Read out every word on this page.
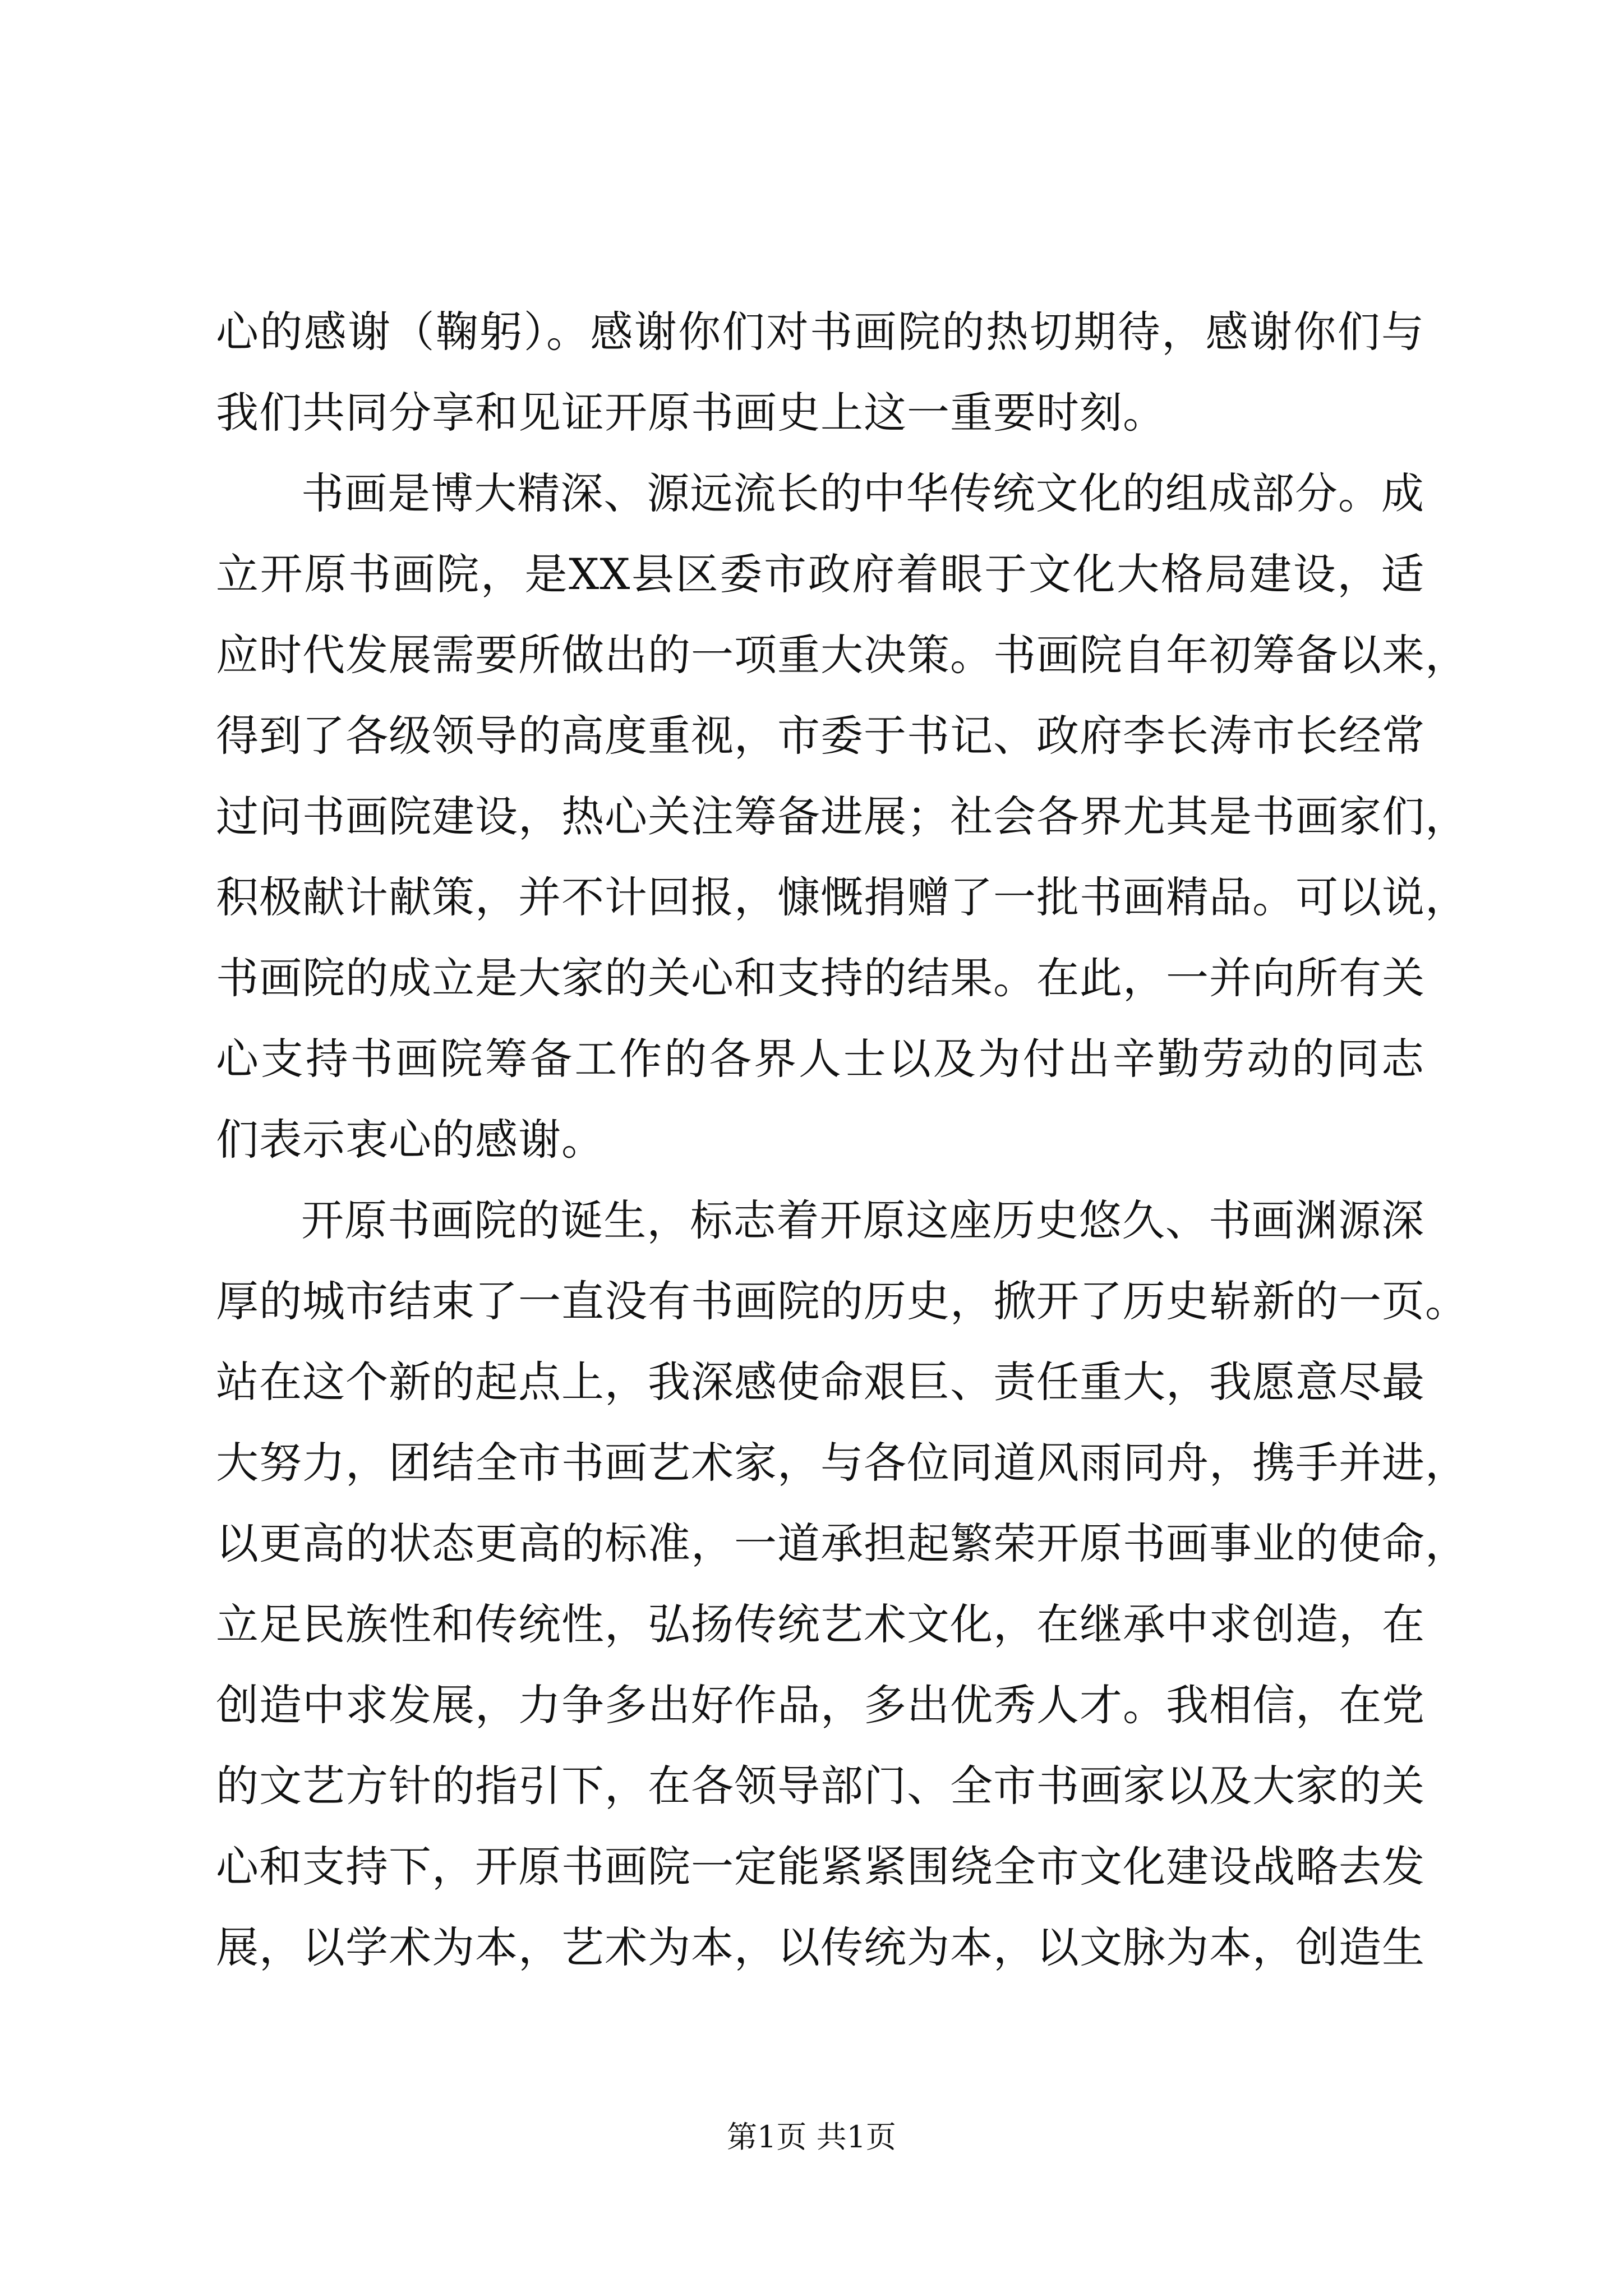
心的感谢（鞠躬）。感谢你们对书画院的热切期待，感谢你们与
我们共同分享和见证开原书画史上这一重要时刻。
书画是博大精深、源远流长的中华传统文化的组成部分。成
立开原书画院，是XX县区委市政府着眼于文化大格局建设，适
应时代发展需要所做出的一项重大决策。书画院自年初筹备以来，
得到了各级领导的高度重视，市委于书记、政府李长涛市长经常
过问书画院建设，热心关注筹备进展；社会各界尤其是书画家们，
积极献计献策，并不计回报，慷慨捐赠了一批书画精品。可以说，
书画院的成立是大家的关心和支持的结果。在此，一并向所有关
心支持书画院筹备工作的各界人士以及为付出辛勤劳动的同志
们表示衷心的感谢。
开原书画院的诞生，标志着开原这座历史悠久、书画渊源深
厚的城市结束了一直没有书画院的历史，掀开了历史崭新的一页。
站在这个新的起点上，我深感使命艰巨、责任重大，我愿意尽最
大努力，团结全市书画艺术家，与各位同道风雨同舟，携手并进，
以更高的状态更高的标准，一道承担起繁荣开原书画事业的使命，
立足民族性和传统性，弘扬传统艺术文化，在继承中求创造，在
创造中求发展，力争多出好作品，多出优秀人才。我相信，在党
的文艺方针的指引下，在各领导部门、全市书画家以及大家的关
心和支持下，开原书画院一定能紧紧围绕全市文化建设战略去发
展，以学术为本，艺术为本，以传统为本，以文脉为本，创造生
第1页 共1页
